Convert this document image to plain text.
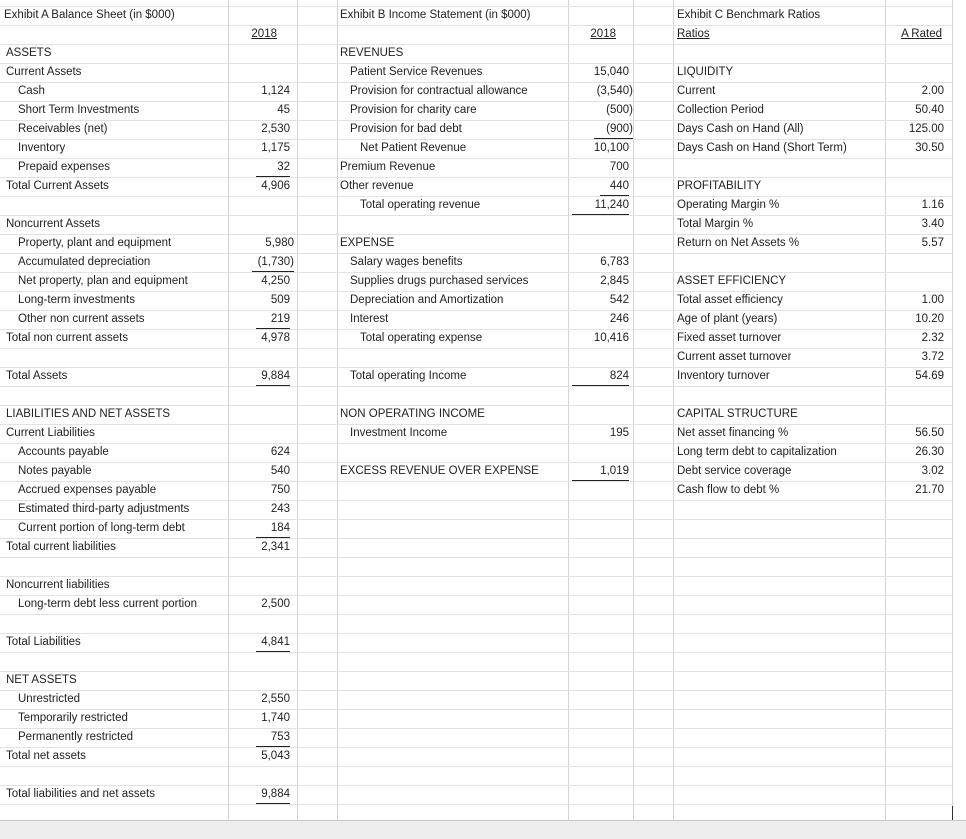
Exhibit A Balance Sheet (in $000)
2018
ASSETS
Current Assets
Cash	1,124
Short Term Investments	45
Receivables (net)	2,530
Inventory	1,175
Prepaid expenses	32
Total Current Assets	4,906
Noncurrent Assets
Property, plant and equipment	5,980
Accumulated depreciation	(1,730)
Net property, plan and equipment	4,250
Long-term investments	509
Other non current assets	219
Total non current assets	4,978
Total Assets	9,884
LIABILITIES AND NET ASSETS
Current Liabilities
Accounts payable	624
Notes payable	540
Accrued expenses payable	750
Estimated third-party adjustments	243
Current portion of long-term debt	184
Total current liabilities	2,341
Noncurrent liabilities
Long-term debt less current portion	2,500
Total Liabilities	4,841
NET ASSETS
Unrestricted	2,550
Temporarily restricted	1,740
Permanently restricted	753
Total net assets	5,043
Total liabilities and net assets	9,884
Exhibit B Income Statement (in $000)
2018
REVENUES
Patient Service Revenues	15,040
Provision for contractual allowance	(3,540)
Provision for charity care	(500)
Provision for bad debt	(900)
Net Patient Revenue	10,100
Premium Revenue	700
Other revenue	440
Total operating revenue	11,240
EXPENSE
Salary wages benefits	6,783
Supplies drugs purchased services	2,845
Depreciation and Amortization	542
Interest	246
Total operating expense	10,416
Total operating Income	824
NON OPERATING INCOME
Investment Income	195
EXCESS REVENUE OVER EXPENSE	1,019
Exhibit C Benchmark Ratios
Ratios	A Rated
LIQUIDITY
Current	2.00
Collection Period	50.40
Days Cash on Hand (All)	125.00
Days Cash on Hand (Short Term)	30.50
PROFITABILITY
Operating Margin %	1.16
Total Margin %	3.40
Return on Net Assets %	5.57
ASSET EFFICIENCY
Total asset efficiency	1.00
Age of plant (years)	10.20
Fixed asset turnover	2.32
Current asset turnover	3.72
Inventory turnover	54.69
CAPITAL STRUCTURE
Net asset financing %	56.50
Long term debt to capitalization	26.30
Debt service coverage	3.02
Cash flow to debt %	21.70
